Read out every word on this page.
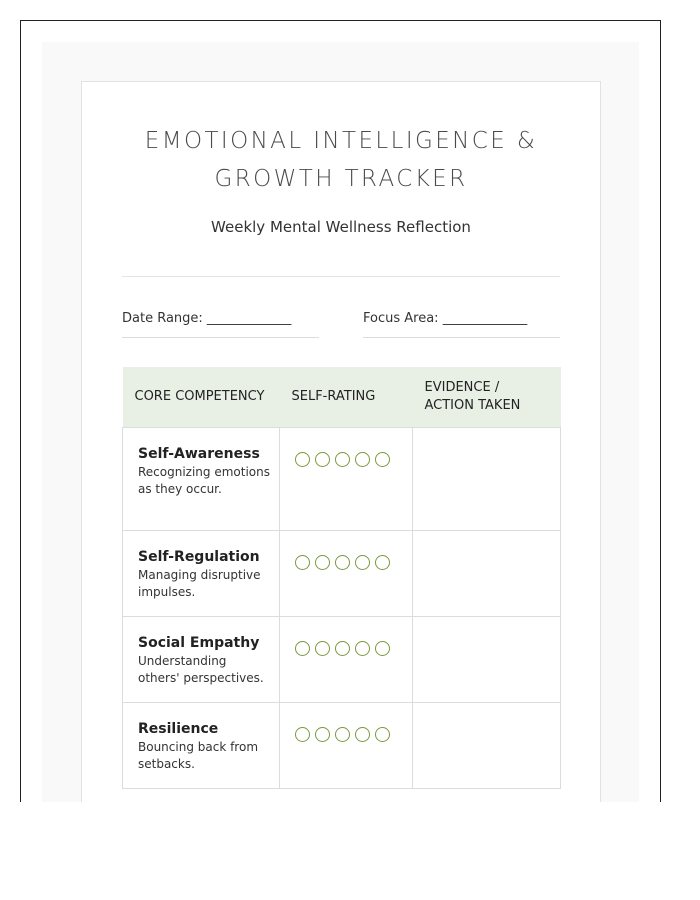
EMOTIONAL INTELLIGENCE &
GROWTH TRACKER
Weekly Mental Wellness Reflection
Date Range: _____________	Focus Area: _____________
CORE COMPETENCY	SELF-RATING	EVIDENCE /
ACTION TAKEN

Self-Awareness
Recognizing emotions as they occur.		

Self-Regulation
Managing disruptive impulses.		

Social Empathy
Understanding others' perspectives.		

Resilience
Bouncing back from setbacks.		
